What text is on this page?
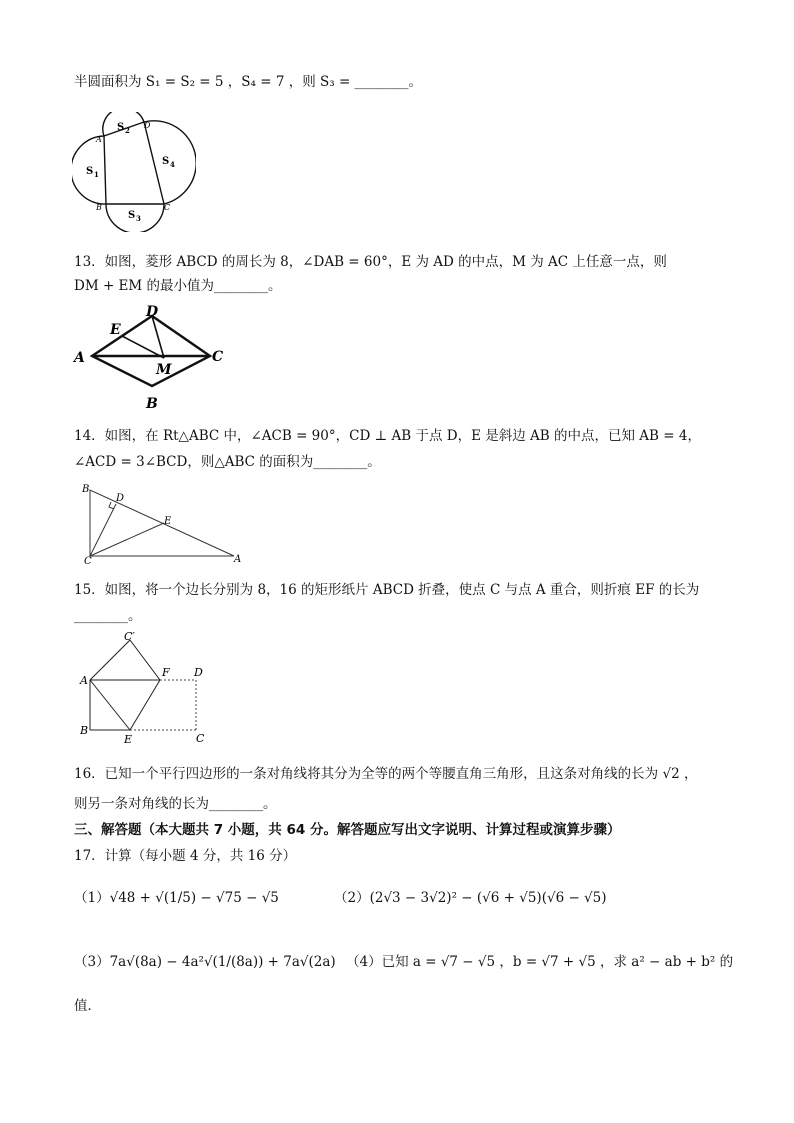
半圆面积为 S₁ = S₂ = 5 ，S₄ = 7 ，则 S₃ = ________。
S 1
S 2
S 3
S 4
A
D
C
B
13．如图，菱形 ABCD 的周长为 8，∠DAB = 60°，E 为 AD 的中点，M 为 AC 上任意一点，则
DM + EM 的最小值为________。
A
B
C
D
E
M
14．如图，在 Rt△ABC 中，∠ACB = 90°，CD ⊥ AB 于点 D，E 是斜边 AB 的中点，已知 AB = 4，
∠ACD = 3∠BCD，则△ABC 的面积为________。
B
D
E
C	A
15．如图，将一个边长分别为 8，16 的矩形纸片 ABCD 折叠，使点 C 与点 A 重合，则折痕 EF 的长为
________。
A
B
E
F D
C
C′
16．已知一个平行四边形的一条对角线将其分为全等的两个等腰直角三角形，且这条对角线的长为 √2 ，
则另一条对角线的长为________。
三、解答题（本大题共 7 小题，共 64 分。解答题应写出文字说明、计算过程或演算步骤）
17．计算（每小题 4 分，共 16 分）
（1）√48 + √(1/5) − √75 − √5	（2）(2√3 − 3√2)² − (√6 + √5)(√6 − √5)
（3）7a√(8a) − 4a²√(1/(8a)) + 7a√(2a) （4）已知 a = √7 − √5 ，b = √7 + √5 ，求 a² − ab + b² 的
值．
